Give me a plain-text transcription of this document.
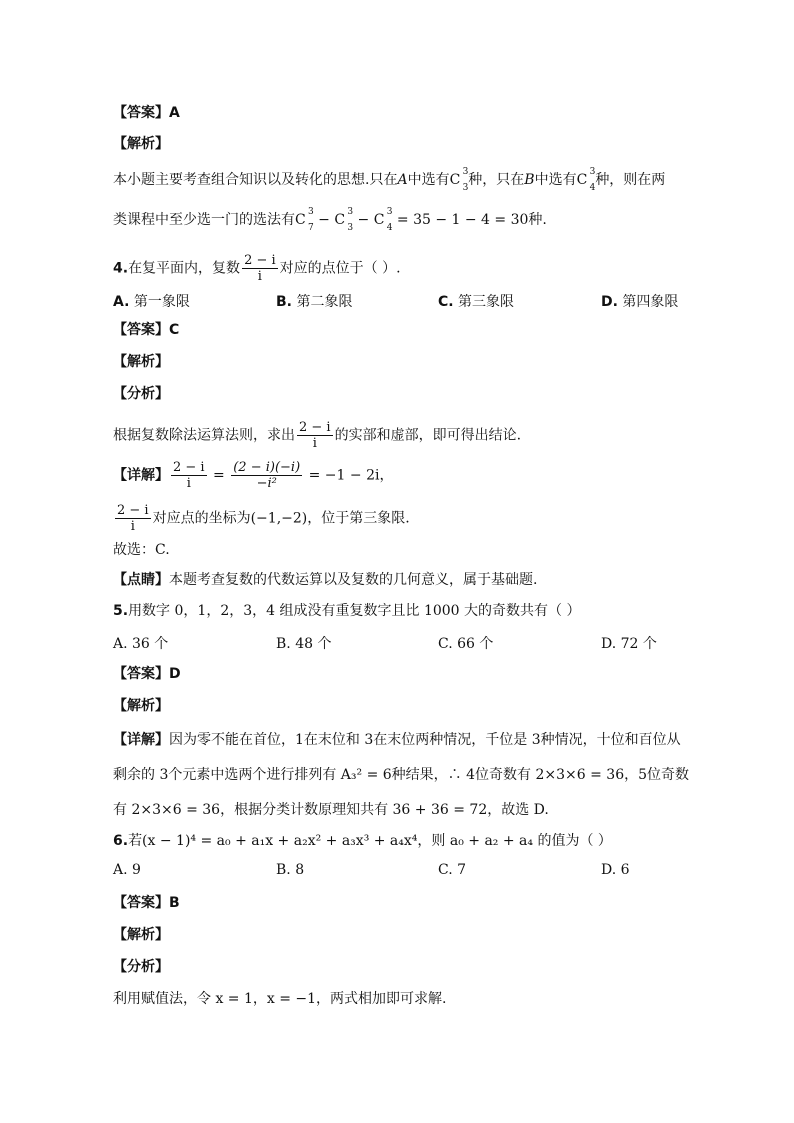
【答案】A
【解析】
本小题主要考查组合知识以及转化的思想.只在A中选有C 3
3 种，只在B中选有C 3
4 种，则在两
类课程中至少选一门的选法有C 3
7 − C 3
3 − C 3
4 = 35 − 1 − 4 = 30种.
4.在复平面内，复数 $\frac{2 - i}{i}$ 对应的点位于（ ）.
A. 第一象限	B. 第二象限	C. 第三象限	D. 第四象限
【答案】C
【解析】
【分析】
根据复数除法运算法则，求出 $\frac{2 - i}{i}$ 的实部和虚部，即可得出结论.
【详解】 $\frac{2 - i}{i} = \frac{(2 - i)(-i)}{\text{−i²}} = -1 - 2i$，
$\frac{2 - i}{i}$ 对应点的坐标为(−1,−2)，位于第三象限.
故选：C.
【点睛】本题考查复数的代数运算以及复数的几何意义，属于基础题.
5.用数字 0，1，2，3，4 组成没有重复数字且比 1000 大的奇数共有（ ）
A. 36 个	B. 48 个	C. 66 个	D. 72 个
【答案】D
【解析】
【详解】因为零不能在首位，1在末位和 3在末位两种情况，千位是 3种情况，十位和百位从
剩余的 3个元素中选两个进行排列有 A₃² = 6种结果，∴ 4位奇数有 2×3×6 = 36，5位奇数
有 2×3×6 = 36，根据分类计数原理知共有 36 + 36 = 72，故选 D.
6.若(x − 1)⁴ = a₀ + a₁x + a₂x² + a₃x³ + a₄x⁴，则 a₀ + a₂ + a₄ 的值为（ ）
A. 9	B. 8	C. 7	D. 6
【答案】B
【解析】
【分析】
利用赋值法，令 x = 1，x = −1，两式相加即可求解.
